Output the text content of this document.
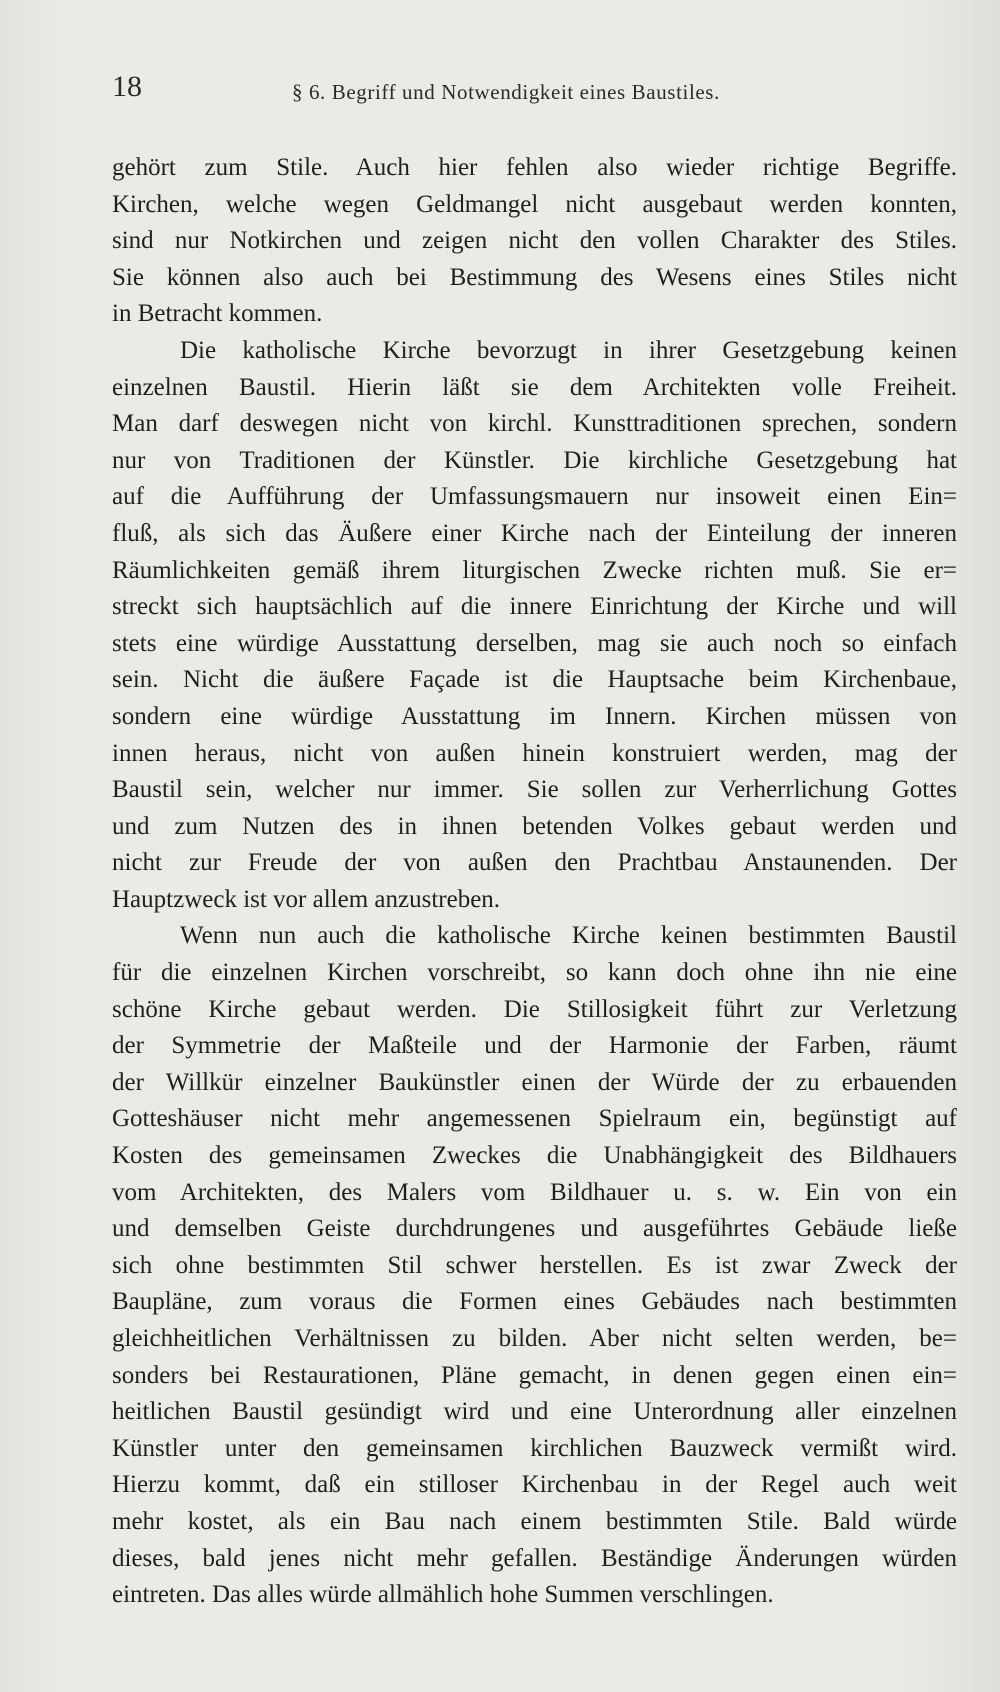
18	§ 6. Begriff und Notwendigkeit eines Baustiles.
gehört zum Stile. Auch hier fehlen also wieder richtige Begriffe.
Kirchen, welche wegen Geldmangel nicht ausgebaut werden konnten,
sind nur Notkirchen und zeigen nicht den vollen Charakter des Stiles.
Sie können also auch bei Bestimmung des Wesens eines Stiles nicht
in Betracht kommen.
Die katholische Kirche bevorzugt in ihrer Gesetzgebung keinen
einzelnen Baustil. Hierin läßt sie dem Architekten volle Freiheit.
Man darf deswegen nicht von kirchl. Kunsttraditionen sprechen, sondern
nur von Traditionen der Künstler. Die kirchliche Gesetzgebung hat
auf die Aufführung der Umfassungsmauern nur insoweit einen Ein=
fluß, als sich das Äußere einer Kirche nach der Einteilung der inneren
Räumlichkeiten gemäß ihrem liturgischen Zwecke richten muß. Sie er=
streckt sich hauptsächlich auf die innere Einrichtung der Kirche und will
stets eine würdige Ausstattung derselben, mag sie auch noch so einfach
sein. Nicht die äußere Façade ist die Hauptsache beim Kirchenbaue,
sondern eine würdige Ausstattung im Innern. Kirchen müssen von
innen heraus, nicht von außen hinein konstruiert werden, mag der
Baustil sein, welcher nur immer. Sie sollen zur Verherrlichung Gottes
und zum Nutzen des in ihnen betenden Volkes gebaut werden und
nicht zur Freude der von außen den Prachtbau Anstaunenden. Der
Hauptzweck ist vor allem anzustreben.
Wenn nun auch die katholische Kirche keinen bestimmten Baustil
für die einzelnen Kirchen vorschreibt, so kann doch ohne ihn nie eine
schöne Kirche gebaut werden. Die Stillosigkeit führt zur Verletzung
der Symmetrie der Maßteile und der Harmonie der Farben, räumt
der Willkür einzelner Baukünstler einen der Würde der zu erbauenden
Gotteshäuser nicht mehr angemessenen Spielraum ein, begünstigt auf
Kosten des gemeinsamen Zweckes die Unabhängigkeit des Bildhauers
vom Architekten, des Malers vom Bildhauer u. s. w. Ein von ein
und demselben Geiste durchdrungenes und ausgeführtes Gebäude ließe
sich ohne bestimmten Stil schwer herstellen. Es ist zwar Zweck der
Baupläne, zum voraus die Formen eines Gebäudes nach bestimmten
gleichheitlichen Verhältnissen zu bilden. Aber nicht selten werden, be=
sonders bei Restaurationen, Pläne gemacht, in denen gegen einen ein=
heitlichen Baustil gesündigt wird und eine Unterordnung aller einzelnen
Künstler unter den gemeinsamen kirchlichen Bauzweck vermißt wird.
Hierzu kommt, daß ein stilloser Kirchenbau in der Regel auch weit
mehr kostet, als ein Bau nach einem bestimmten Stile. Bald würde
dieses, bald jenes nicht mehr gefallen. Beständige Änderungen würden
eintreten. Das alles würde allmählich hohe Summen verschlingen.
